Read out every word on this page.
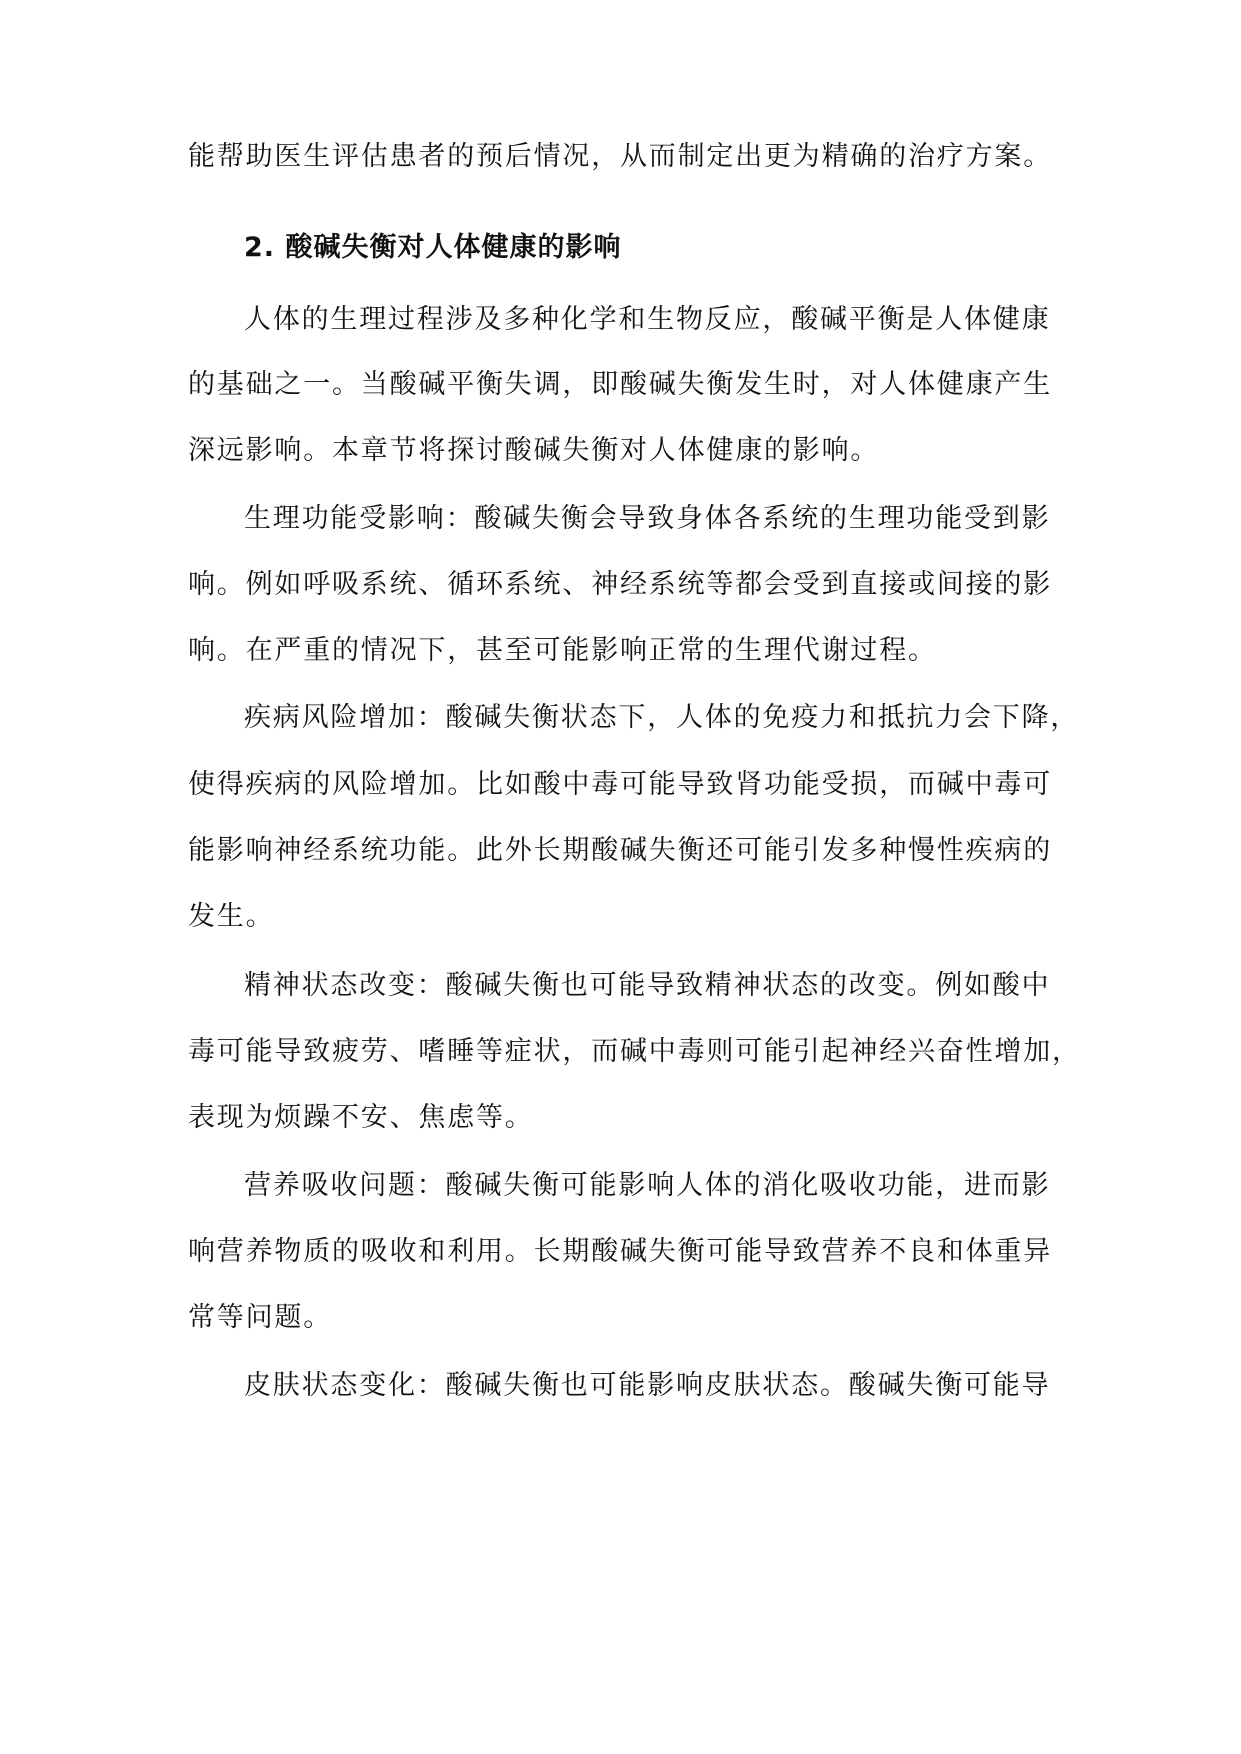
能帮助医生评估患者的预后情况，从而制定出更为精确的治疗方案。
2. 酸碱失衡对人体健康的影响
人体的生理过程涉及多种化学和生物反应，酸碱平衡是人体健康
的基础之一。当酸碱平衡失调，即酸碱失衡发生时，对人体健康产生
深远影响。本章节将探讨酸碱失衡对人体健康的影响。
生理功能受影响：酸碱失衡会导致身体各系统的生理功能受到影
响。例如呼吸系统、循环系统、神经系统等都会受到直接或间接的影
响。在严重的情况下，甚至可能影响正常的生理代谢过程。
疾病风险增加：酸碱失衡状态下，人体的免疫力和抵抗力会下降，
使得疾病的风险增加。比如酸中毒可能导致肾功能受损，而碱中毒可
能影响神经系统功能。此外长期酸碱失衡还可能引发多种慢性疾病的
发生。
精神状态改变：酸碱失衡也可能导致精神状态的改变。例如酸中
毒可能导致疲劳、嗜睡等症状，而碱中毒则可能引起神经兴奋性增加，
表现为烦躁不安、焦虑等。
营养吸收问题：酸碱失衡可能影响人体的消化吸收功能，进而影
响营养物质的吸收和利用。长期酸碱失衡可能导致营养不良和体重异
常等问题。
皮肤状态变化：酸碱失衡也可能影响皮肤状态。酸碱失衡可能导
